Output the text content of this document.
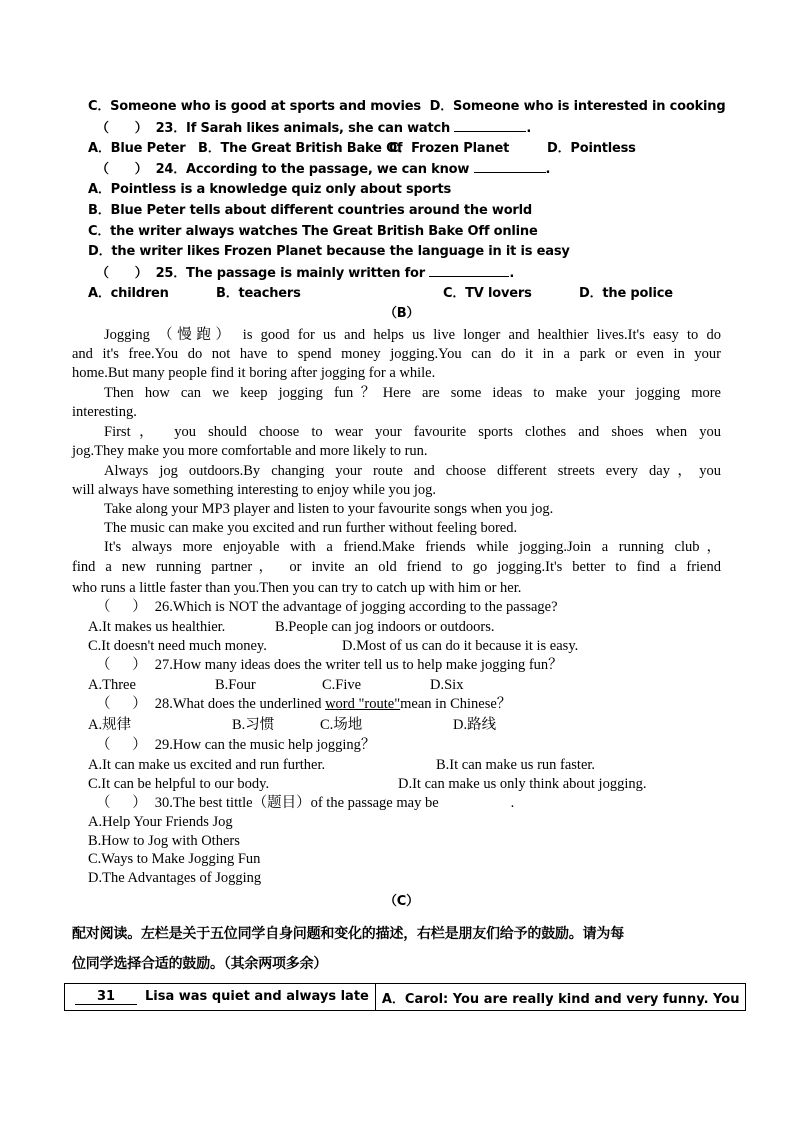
C．Someone who is good at sports and movies  D．Someone who is interested in cooking
（      ） 23．If Sarah likes animals, she can watch	.
A．Blue Peter B．The Great British Bake Of
C．Frozen Planet	D．Pointless
（      ） 24．According to the passage, we can know	.
A．Pointless is a knowledge quiz only about sports
B．Blue Peter tells about different countries around the world
C．the writer always watches The Great British Bake Off online
D．the writer likes Frozen Planet because the language in it is easy
（      ） 25．The passage is mainly written for	.
A．children	B．teachers	C．TV lovers	D．the police
（B）
Jogging （慢跑） is good for us and helps us live longer and healthier lives.It's easy to do
and it's free.You do not have to spend money jogging.You can do it in a park or even in your
home.But many people find it boring after jogging for a while.
Then how can we keep jogging fun？Here are some ideas to make your jogging more
interesting.
First， you should choose to wear your favourite sports clothes and shoes when you
jog.They make you more comfortable and more likely to run.
Always jog outdoors.By changing your route and choose different streets every day，you
will always have something interesting to enjoy while you jog.
Take along your MP3 player and listen to your favourite songs when you jog.
The music can make you excited and run further without feeling bored.
It's always more enjoyable with a friend.Make friends while jogging.Join a running club，
find a new running partner， or invite an old friend to go jogging.It's better to find a friend
who runs a little faster than you.Then you can try to catch up with him or her.
（      ） 26.Which is NOT the advantage of jogging according to the passage?
A.It makes us healthier.	B.People can jog indoors or outdoors.
C.It doesn't need much money.	D.Most of us can do it because it is easy.
（      ） 27.How many ideas does the writer tell us to help make jogging fun？
A.Three	B.Four	C.Five	D.Six
（      ） 28.What does the underlined word "route"mean in Chinese？
A.规律	B.习惯	C.场地	D.路线
（      ） 29.How can the music help jogging？
A.It can make us excited and run further.	B.It can make us run faster.
C.It can be helpful to our body.	D.It can make us only think about jogging.
（      ） 30.The best tittle（题目）of the passage may be	.
A.Help Your Friends Jog
B.How to Jog with Others
C.Ways to Make Jogging Fun
D.The Advantages of Jogging
（C）
配对阅读。左栏是关于五位同学自身问题和变化的描述，右栏是朋友们给予的鼓励。请为每
位同学选择合适的鼓励。（其余两项多余）
31 Lisa was quiet and always late	A．Carol: You are really kind and very funny. You
